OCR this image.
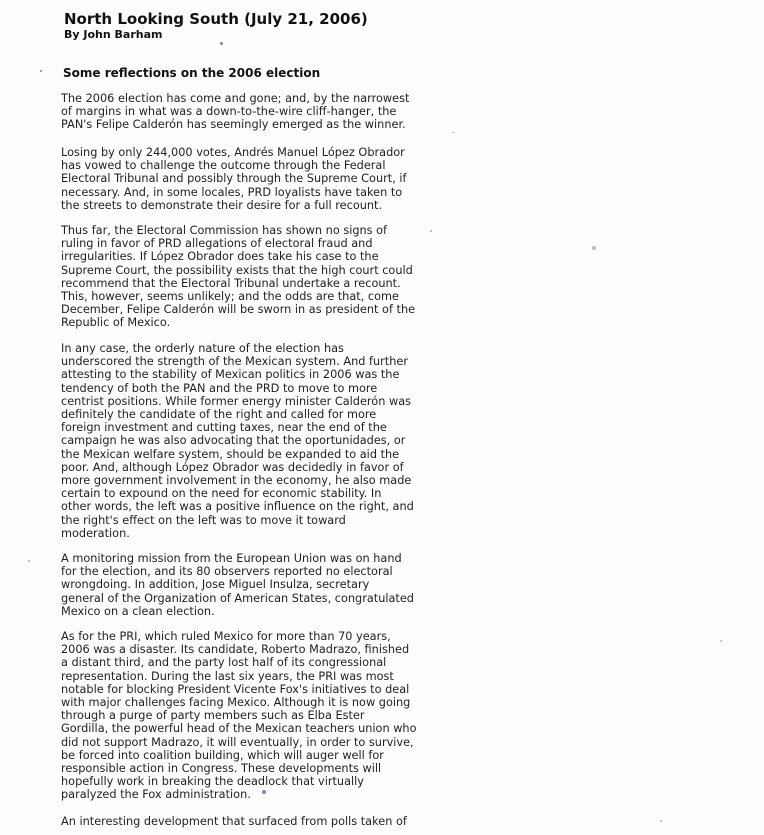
North Looking South (July 21, 2006)
By John Barham
Some reflections on the 2006 election
The 2006 election has come and gone; and, by the narrowest
of margins in what was a down-to-the-wire cliff-hanger, the
PAN's Felipe Calderón has seemingly emerged as the winner.
Losing by only 244,000 votes, Andrés Manuel López Obrador
has vowed to challenge the outcome through the Federal
Electoral Tribunal and possibly through the Supreme Court, if
necessary. And, in some locales, PRD loyalists have taken to
the streets to demonstrate their desire for a full recount.
Thus far, the Electoral Commission has shown no signs of
ruling in favor of PRD allegations of electoral fraud and
irregularities. If López Obrador does take his case to the
Supreme Court, the possibility exists that the high court could
recommend that the Electoral Tribunal undertake a recount.
This, however, seems unlikely; and the odds are that, come
December, Felipe Calderón will be sworn in as president of the
Republic of Mexico.
In any case, the orderly nature of the election has
underscored the strength of the Mexican system. And further
attesting to the stability of Mexican politics in 2006 was the
tendency of both the PAN and the PRD to move to more
centrist positions. While former energy minister Calderón was
definitely the candidate of the right and called for more
foreign investment and cutting taxes, near the end of the
campaign he was also advocating that the oportunidades, or
the Mexican welfare system, should be expanded to aid the
poor. And, although López Obrador was decidedly in favor of
more government involvement in the economy, he also made
certain to expound on the need for economic stability. In
other words, the left was a positive influence on the right, and
the right's effect on the left was to move it toward
moderation.
A monitoring mission from the European Union was on hand
for the election, and its 80 observers reported no electoral
wrongdoing. In addition, Jose Miguel Insulza, secretary
general of the Organization of American States, congratulated
Mexico on a clean election.
As for the PRI, which ruled Mexico for more than 70 years,
2006 was a disaster. Its candidate, Roberto Madrazo, finished
a distant third, and the party lost half of its congressional
representation. During the last six years, the PRI was most
notable for blocking President Vicente Fox's initiatives to deal
with major challenges facing Mexico. Although it is now going
through a purge of party members such as Elba Ester
Gordilla, the powerful head of the Mexican teachers union who
did not support Madrazo, it will eventually, in order to survive,
be forced into coalition building, which will auger well for
responsible action in Congress. These developments will
hopefully work in breaking the deadlock that virtually
paralyzed the Fox administration.
An interesting development that surfaced from polls taken of
